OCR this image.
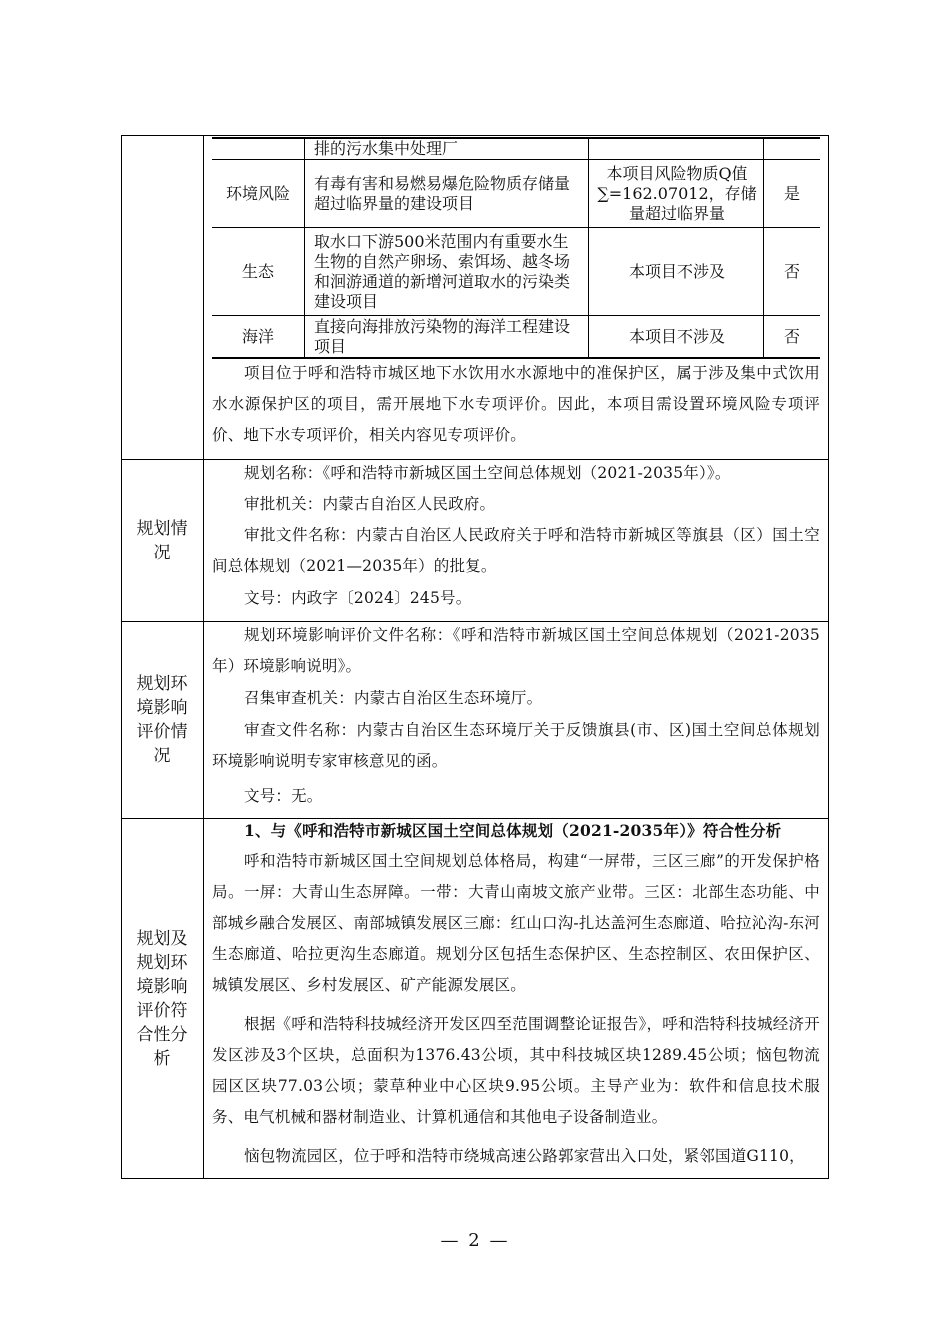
排的污水集中处理厂
环境风险
有毒有害和易燃易爆危险物质存储量超过临界量的建设项目
本项目风险物质Q值∑=162.07012，存储量超过临界量
是
生态
取水口下游500米范围内有重要水生生物的自然产卵场、索饵场、越冬场和洄游通道的新增河道取水的污染类建设项目
本项目不涉及	否
海洋
直接向海排放污染物的海洋工程建设项目
本项目不涉及	否
项目位于呼和浩特市城区地下水饮用水水源地中的准保护区，属于涉及集中式饮用水水源保护区的项目，需开展地下水专项评价。因此，本项目需设置环境风险专项评价、地下水专项评价，相关内容见专项评价。
规划情况
规划名称：《呼和浩特市新城区国土空间总体规划（2021-2035年）》。
审批机关：内蒙古自治区人民政府。
审批文件名称：内蒙古自治区人民政府关于呼和浩特市新城区等旗县（区）国土空间总体规划（2021—2035年）的批复。
文号：内政字〔2024〕245号。
规划环境影响评价情况
规划环境影响评价文件名称：《呼和浩特市新城区国土空间总体规划（2021-2035年）环境影响说明》。
召集审查机关：内蒙古自治区生态环境厅。
审查文件名称：内蒙古自治区生态环境厅关于反馈旗县(市、区)国土空间总体规划环境影响说明专家审核意见的函。
文号：无。
规划及规划环境影响评价符合性分析
1、与《呼和浩特市新城区国土空间总体规划（2021-2035年）》符合性分析
呼和浩特市新城区国土空间规划总体格局，构建“一屏带，三区三廊”的开发保护格局。一屏：大青山生态屏障。一带：大青山南坡文旅产业带。三区：北部生态功能、中部城乡融合发展区、南部城镇发展区三廊：红山口沟-扎达盖河生态廊道、哈拉沁沟-东河生态廊道、哈拉更沟生态廊道。规划分区包括生态保护区、生态控制区、农田保护区、城镇发展区、乡村发展区、矿产能源发展区。
根据《呼和浩特科技城经济开发区四至范围调整论证报告》，呼和浩特科技城经济开发区涉及3个区块，总面积为1376.43公顷，其中科技城区块1289.45公顷；恼包物流园区区块77.03公顷；蒙草种业中心区块9.95公顷。主导产业为：软件和信息技术服务、电气机械和器材制造业、计算机通信和其他电子设备制造业。
恼包物流园区，位于呼和浩特市绕城高速公路郭家营出入口处，紧邻国道G110，
— 2 —
